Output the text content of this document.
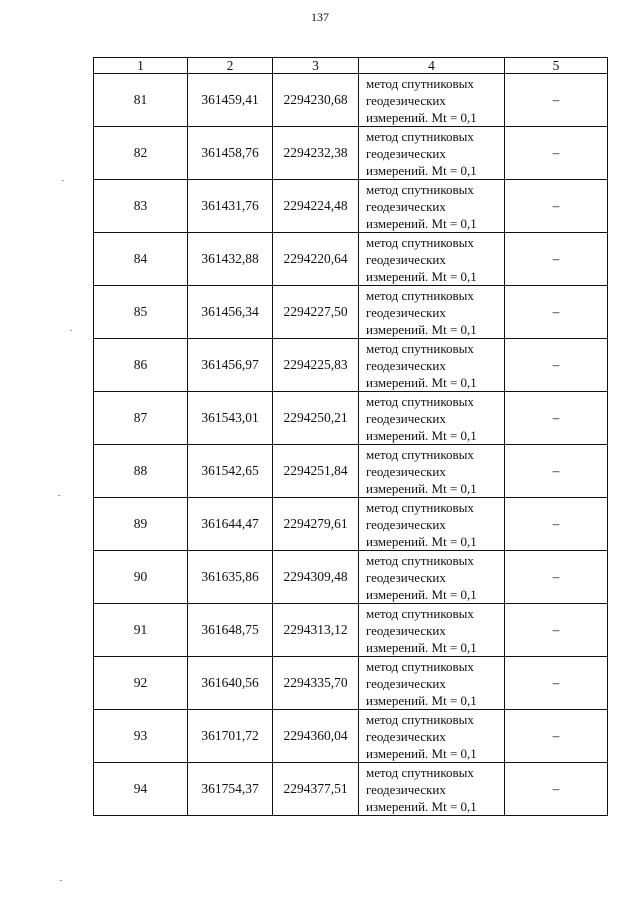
137
1	2	3	4	5
81	361459,41	2294230,68	метод спутниковых
геодезических
измерений. Mt = 0,1	–
82	361458,76	2294232,38	метод спутниковых
геодезических
измерений. Mt = 0,1	–
83	361431,76	2294224,48	метод спутниковых
геодезических
измерений. Mt = 0,1	–
84	361432,88	2294220,64	метод спутниковых
геодезических
измерений. Mt = 0,1	–
85	361456,34	2294227,50	метод спутниковых
геодезических
измерений. Mt = 0,1	–
86	361456,97	2294225,83	метод спутниковых
геодезических
измерений. Mt = 0,1	–
87	361543,01	2294250,21	метод спутниковых
геодезических
измерений. Mt = 0,1	–
88	361542,65	2294251,84	метод спутниковых
геодезических
измерений. Mt = 0,1	–
89	361644,47	2294279,61	метод спутниковых
геодезических
измерений. Mt = 0,1	–
90	361635,86	2294309,48	метод спутниковых
геодезических
измерений. Mt = 0,1	–
91	361648,75	2294313,12	метод спутниковых
геодезических
измерений. Mt = 0,1	–
92	361640,56	2294335,70	метод спутниковых
геодезических
измерений. Mt = 0,1	–
93	361701,72	2294360,04	метод спутниковых
геодезических
измерений. Mt = 0,1	–
94	361754,37	2294377,51	метод спутниковых
геодезических
измерений. Mt = 0,1	–
